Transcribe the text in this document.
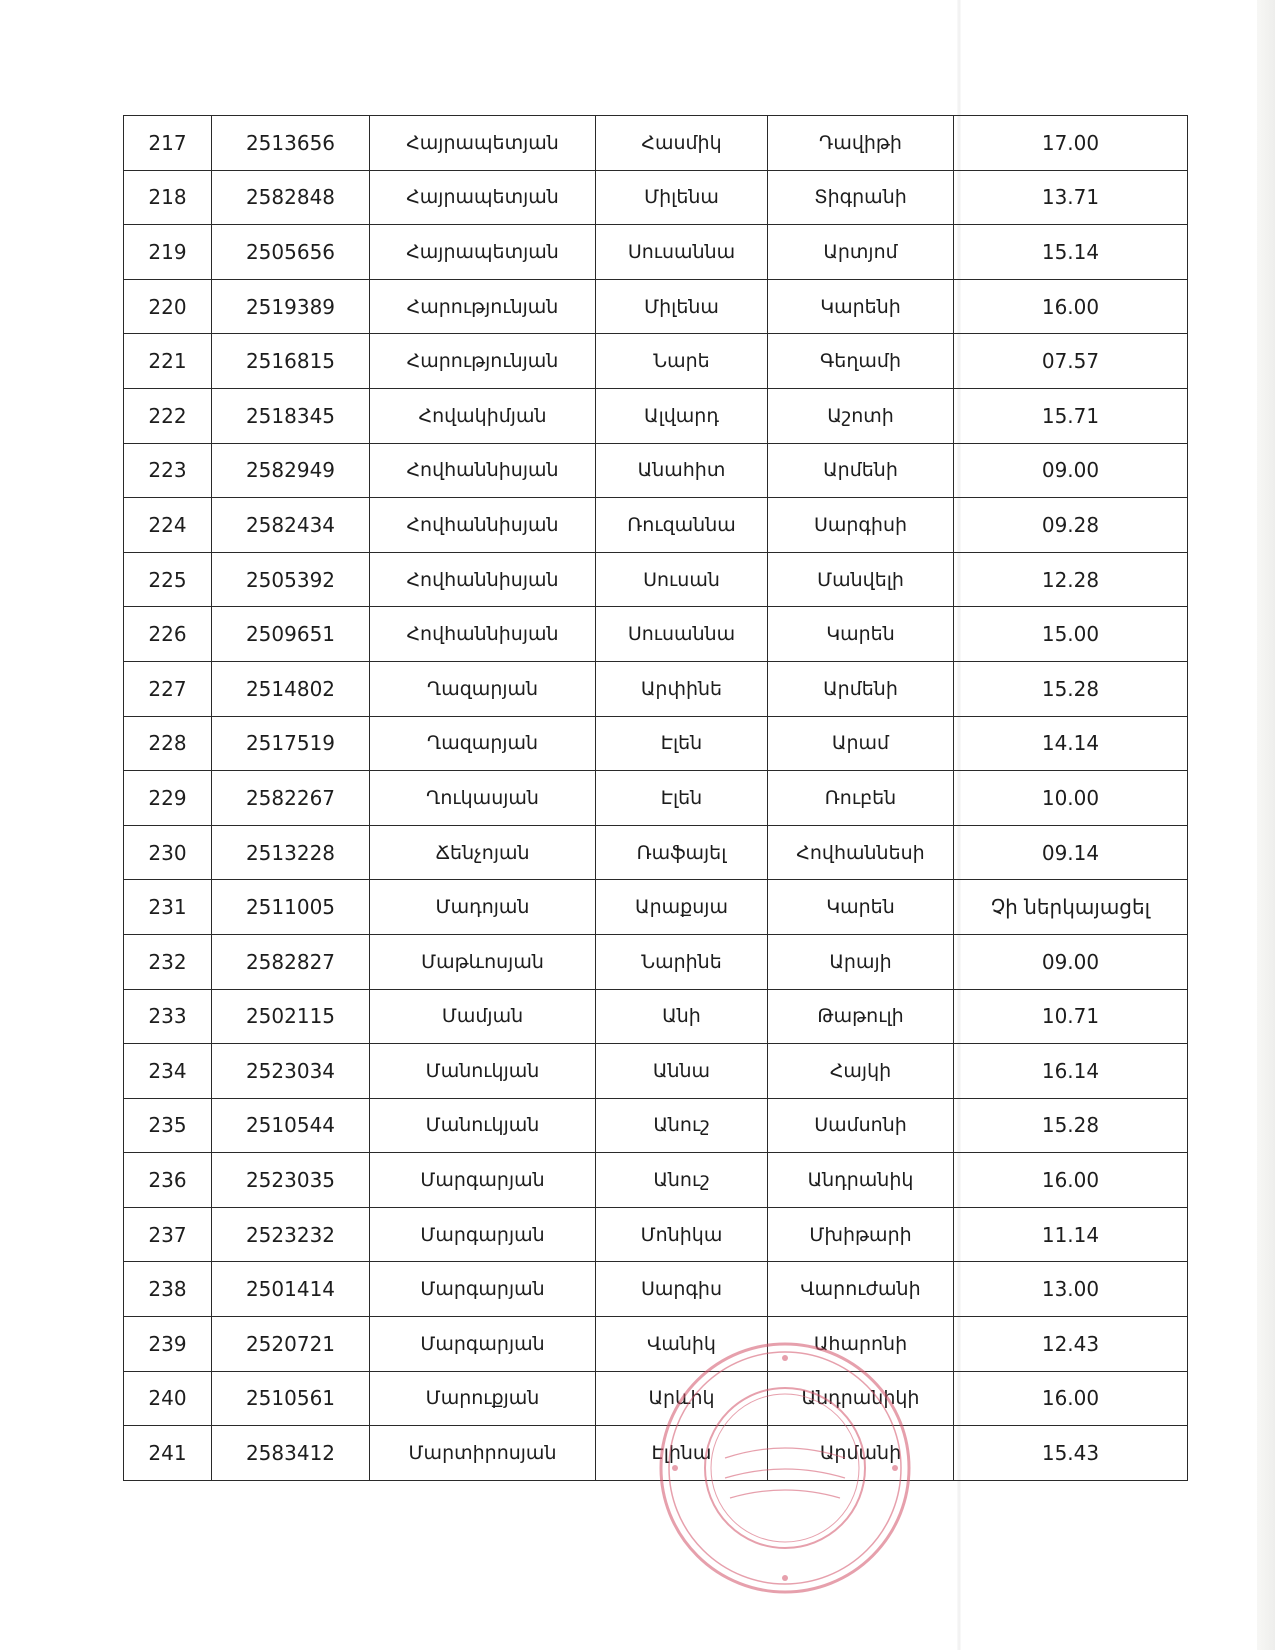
217	2513656	Հայրապետյան	Հասմիկ	Դավիթի	17.00
218	2582848	Հայրապետյան	Միլենա	Տիգրանի	13.71
219	2505656	Հայրապետյան	Սուսաննա	Արտյոմ	15.14
220	2519389	Հարությունյան	Միլենա	Կարենի	16.00
221	2516815	Հարությունյան	Նարե	Գեղամի	07.57
222	2518345	Հովակիմյան	Ալվարդ	Աշոտի	15.71
223	2582949	Հովհաննիսյան	Անահիտ	Արմենի	09.00
224	2582434	Հովհաննիսյան	Ռուզաննա	Սարգիսի	09.28
225	2505392	Հովհաննիսյան	Սուսան	Մանվելի	12.28
226	2509651	Հովհաննիսյան	Սուսաննա	Կարեն	15.00
227	2514802	Ղազարյան	Արփինե	Արմենի	15.28
228	2517519	Ղազարյան	Էլեն	Արամ	14.14
229	2582267	Ղուկասյան	Էլեն	Ռուբեն	10.00
230	2513228	Ճենչոյան	Ռաֆայել	Հովհաննեսի	09.14
231	2511005	Մադոյան	Արաքսյա	Կարեն	Չի ներկայացել
232	2582827	Մաթևոսյան	Նարինե	Արայի	09.00
233	2502115	Մամյան	Անի	Թաթուլի	10.71
234	2523034	Մանուկյան	Աննա	Հայկի	16.14
235	2510544	Մանուկյան	Անուշ	Սամսոնի	15.28
236	2523035	Մարգարյան	Անուշ	Անդրանիկ	16.00
237	2523232	Մարգարյան	Մոնիկա	Մխիթարի	11.14
238	2501414	Մարգարյան	Սարգիս	Վարուժանի	13.00
239	2520721	Մարգարյան	Վանիկ	Ահարոնի	12.43
240	2510561	Մարուքյան	Արևիկ	Անդրանիկի	16.00
241	2583412	Մարտիրոսյան	Էլինա	Արմանի	15.43
